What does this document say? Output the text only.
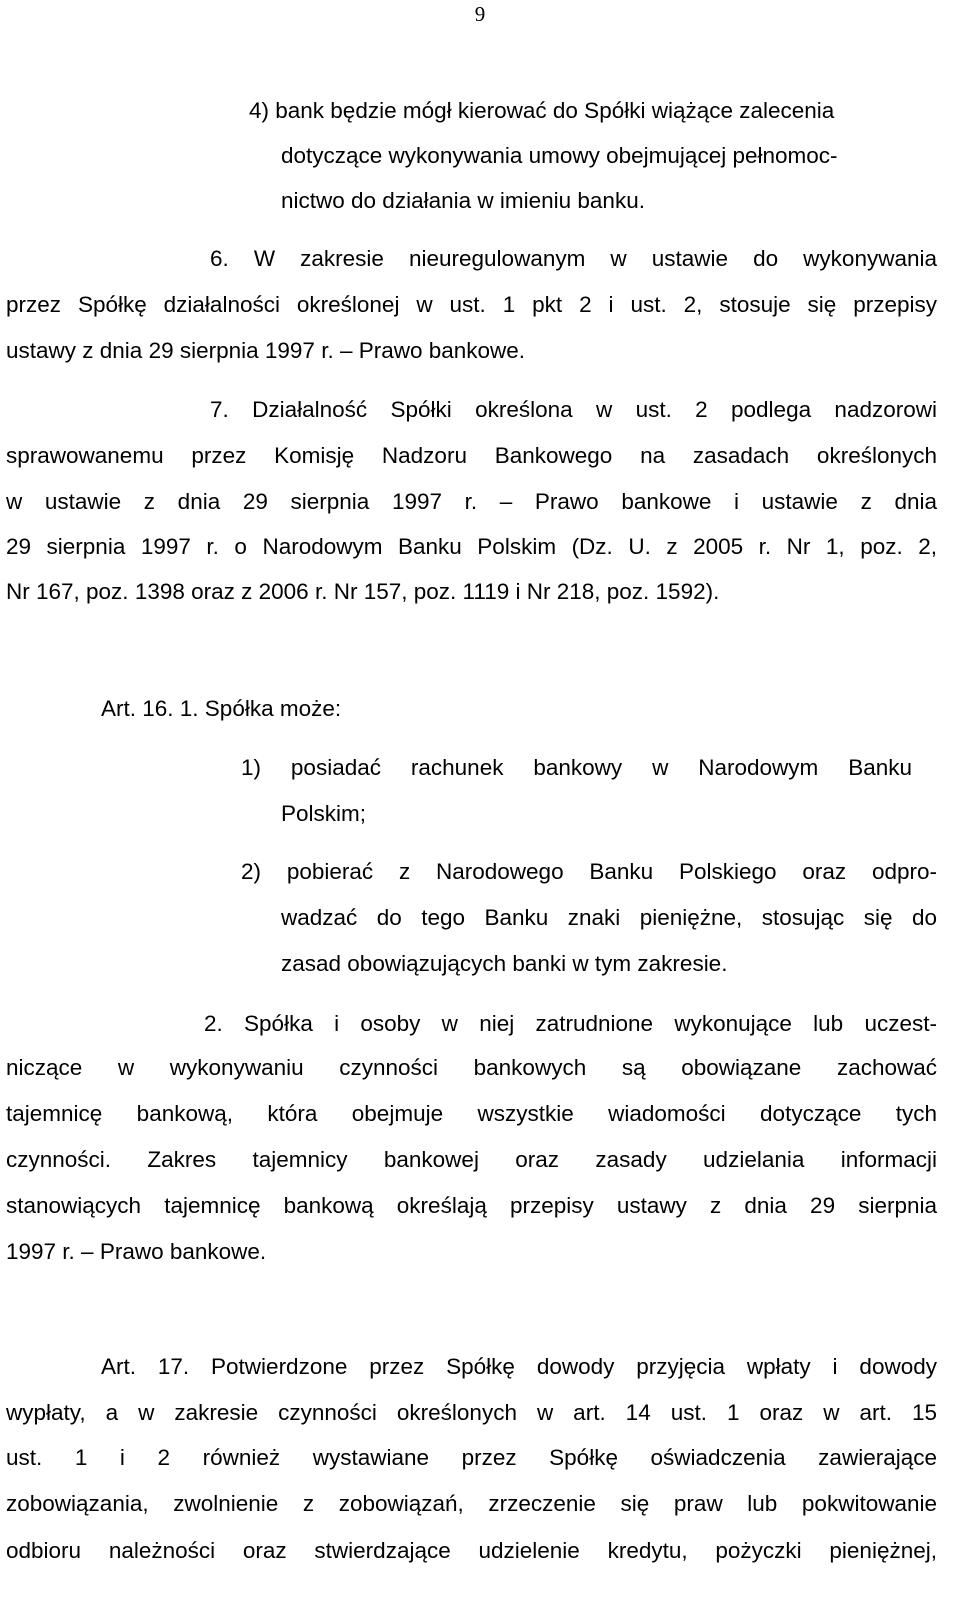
9

4) bank będzie mógł kierować do Spółki wiążące zalecenia

dotyczące wykonywania umowy obejmującej pełnomoc-

nictwo do działania w imieniu banku.

6. W zakresie nieuregulowanym w ustawie do wykonywania

przez Spółkę działalności określonej w ust. 1 pkt 2 i ust. 2, stosuje się przepisy

ustawy z dnia 29 sierpnia 1997 r. – Prawo bankowe.

7. Działalność Spółki określona w ust. 2 podlega nadzorowi

sprawowanemu przez Komisję Nadzoru Bankowego na zasadach określonych

w ustawie z dnia 29 sierpnia 1997 r. – Prawo bankowe i ustawie z dnia

29 sierpnia 1997 r. o Narodowym Banku Polskim (Dz. U. z 2005 r. Nr 1, poz. 2,

Nr 167, poz. 1398 oraz z 2006 r. Nr 157, poz. 1119 i Nr 218, poz. 1592).

Art. 16. 1. Spółka może:

1) posiadać rachunek bankowy w Narodowym Banku

Polskim;

2) pobierać z Narodowego Banku Polskiego oraz odpro-

wadzać do tego Banku znaki pieniężne, stosując się do

zasad obowiązujących banki w tym zakresie.

2. Spółka i osoby w niej zatrudnione wykonujące lub uczest-

niczące w wykonywaniu czynności bankowych są obowiązane zachować

tajemnicę bankową, która obejmuje wszystkie wiadomości dotyczące tych

czynności. Zakres tajemnicy bankowej oraz zasady udzielania informacji

stanowiących tajemnicę bankową określają przepisy ustawy z dnia 29 sierpnia

1997 r. – Prawo bankowe.

Art. 17. Potwierdzone przez Spółkę dowody przyjęcia wpłaty i dowody

wypłaty, a w zakresie czynności określonych w art. 14 ust. 1 oraz w art. 15

ust. 1 i 2 również wystawiane przez Spółkę oświadczenia zawierające

zobowiązania, zwolnienie z zobowiązań, zrzeczenie się praw lub pokwitowanie

odbioru należności oraz stwierdzające udzielenie kredytu, pożyczki pieniężnej,
